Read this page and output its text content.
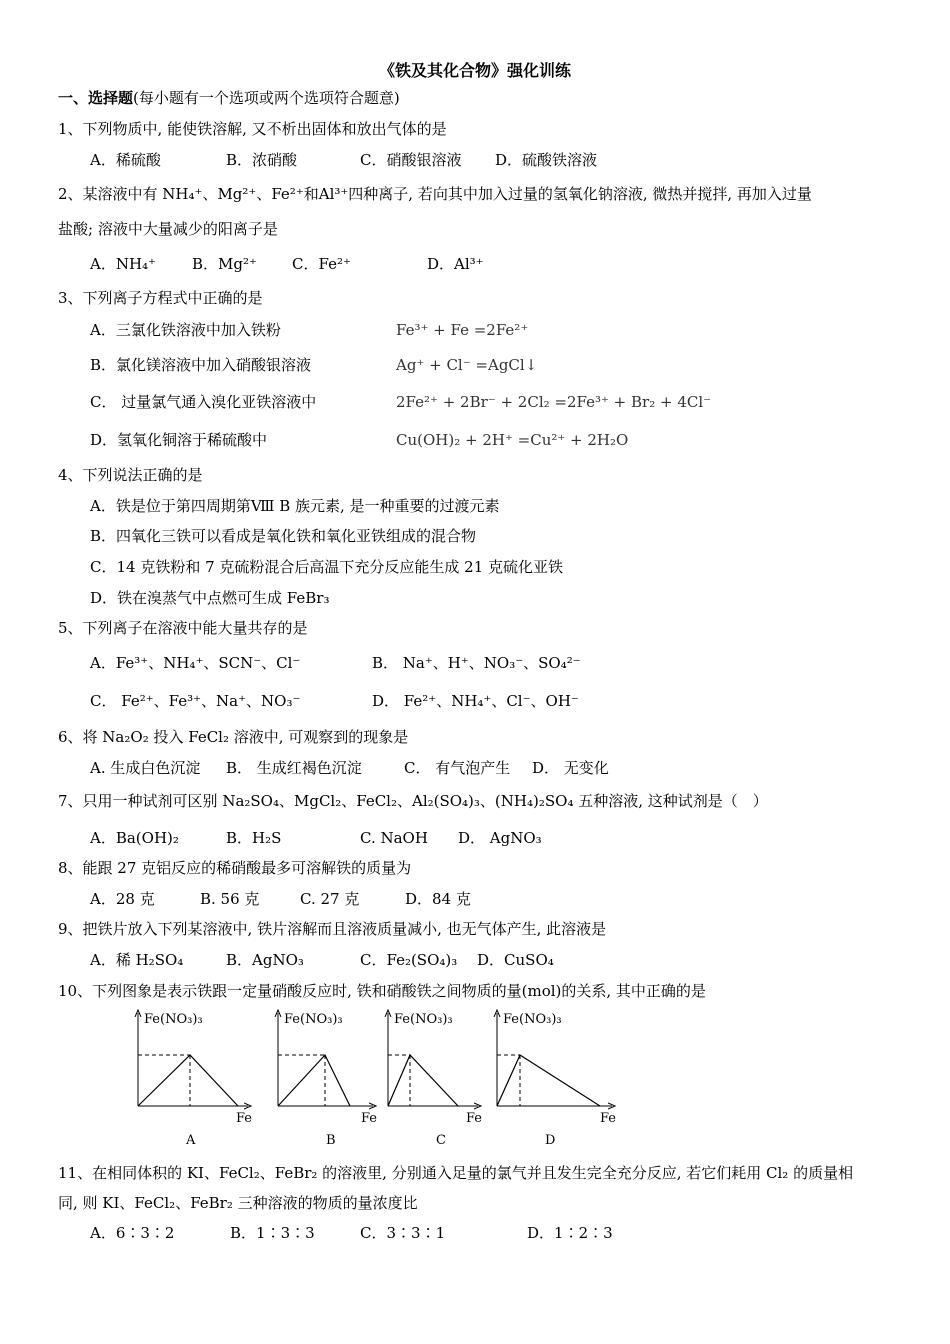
《铁及其化合物》强化训练
一、选择题(每小题有一个选项或两个选项符合题意)
1、下列物质中, 能使铁溶解, 又不析出固体和放出气体的是
A．稀硫酸	B．浓硝酸	C．硝酸银溶液 D．硫酸铁溶液
2、某溶液中有 NH₄⁺、Mg²⁺、Fe²⁺和Al³⁺四种离子, 若向其中加入过量的氢氧化钠溶液, 微热并搅拌, 再加入过量
盐酸; 溶液中大量减少的阳离子是
A．NH₄⁺ B．Mg²⁺ C．Fe²⁺	D．Al³⁺
3、下列离子方程式中正确的是
A．三氯化铁溶液中加入铁粉	Fe³⁺ + Fe =2Fe²⁺
B．氯化镁溶液中加入硝酸银溶液	Ag⁺ + Cl⁻ =AgCl↓
C． 过量氯气通入溴化亚铁溶液中	2Fe²⁺ + 2Br⁻ + 2Cl₂ =2Fe³⁺ + Br₂ + 4Cl⁻
D．氢氧化铜溶于稀硫酸中	Cu(OH)₂ + 2H⁺ =Cu²⁺ + 2H₂O
4、下列说法正确的是
A．铁是位于第四周期第Ⅷ B 族元素, 是一种重要的过渡元素
B．四氧化三铁可以看成是氧化铁和氧化亚铁组成的混合物
C．14 克铁粉和 7 克硫粉混合后高温下充分反应能生成 21 克硫化亚铁
D．铁在溴蒸气中点燃可生成 FeBr₃
5、下列离子在溶液中能大量共存的是
A．Fe³⁺、NH₄⁺、SCN⁻、Cl⁻	B． Na⁺、H⁺、NO₃⁻、SO₄²⁻
C． Fe²⁺、Fe³⁺、Na⁺、NO₃⁻	D． Fe²⁺、NH₄⁺、Cl⁻、OH⁻
6、将 Na₂O₂ 投入 FeCl₂ 溶液中, 可观察到的现象是
A. 生成白色沉淀 B． 生成红褐色沉淀	C． 有气泡产生 D． 无变化
7、只用一种试剂可区别 Na₂SO₄、MgCl₂、FeCl₂、Al₂(SO₄)₃、(NH₄)₂SO₄ 五种溶液, 这种试剂是（　）
A．Ba(OH)₂	B．H₂S	C. NaOH D． AgNO₃
8、能跟 27 克铝反应的稀硝酸最多可溶解铁的质量为
A．28 克	B. 56 克	C. 27 克	D．84 克
9、把铁片放入下列某溶液中, 铁片溶解而且溶液质量减小, 也无气体产生, 此溶液是
A．稀 H₂SO₄	B．AgNO₃	C．Fe₂(SO₄)₃ D．CuSO₄
10、下列图象是表示铁跟一定量硝酸反应时, 铁和硝酸铁之间物质的量(mol)的关系, 其中正确的是
Fe(NO₃)₃
Fe
A
Fe(NO₃)₃
Fe
B
Fe(NO₃)₃
Fe
C
Fe(NO₃)₃
Fe
D
11、在相同体积的 KI、FeCl₂、FeBr₂ 的溶液里, 分别通入足量的氯气并且发生完全充分反应, 若它们耗用 Cl₂ 的质量相
同, 则 KI、FeCl₂、FeBr₂ 三种溶液的物质的量浓度比
A．6∶3∶2	B．1∶3∶3	C．3∶3∶1	D．1∶2∶3
